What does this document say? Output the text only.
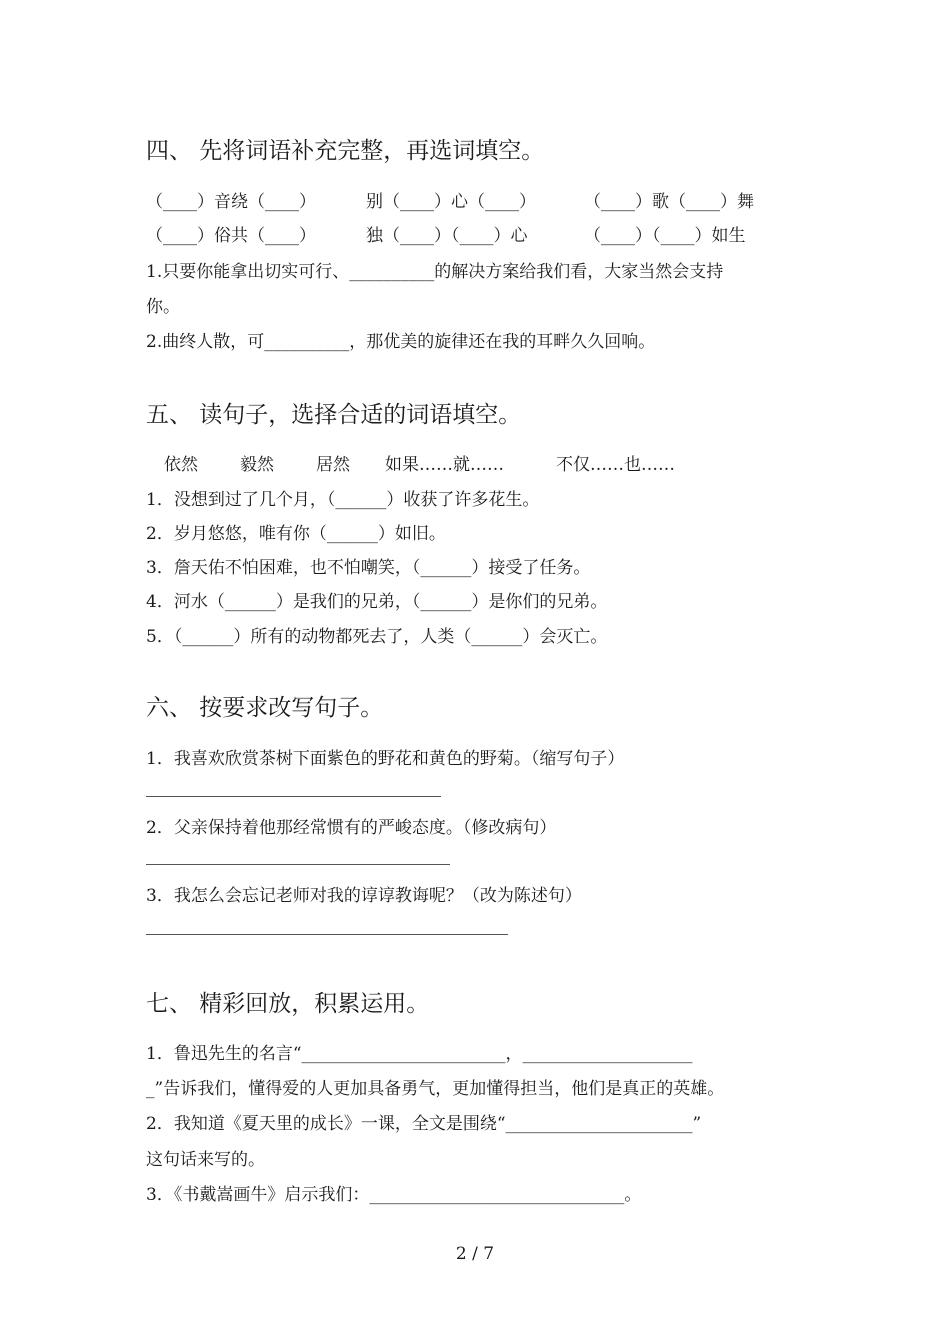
四、 先将词语补充完整，再选词填空。
（____）音绕（____）	别（____）心（____）	（____）歌（____）舞
（____）俗共（____）	独（____）（____）心	（____）（____）如生
1.只要你能拿出切实可行、__________的解决方案给我们看，大家当然会支持
你。
2.曲终人散，可__________，那优美的旋律还在我的耳畔久久回响。
五、 读句子，选择合适的词语填空。
依然 毅然 居然 如果……就……	不仅……也……
1．没想到过了几个月，（______）收获了许多花生。
2．岁月悠悠，唯有你（______）如旧。
3．詹天佑不怕困难，也不怕嘲笑，（______）接受了任务。
4．河水（______）是我们的兄弟，（______）是你们的兄弟。
5．（______）所有的动物都死去了，人类（______）会灭亡。
六、 按要求改写句子。
1．我喜欢欣赏茶树下面紫色的野花和黄色的野菊。（缩写句子）
2．父亲保持着他那经常惯有的严峻态度。（修改病句）
3．我怎么会忘记老师对我的谆谆教诲呢？（改为陈述句）
七、 精彩回放，积累运用。
1．鲁迅先生的名言“________________________，____________________
_”告诉我们，懂得爱的人更加具备勇气，更加懂得担当，他们是真正的英雄。
2．我知道《夏天里的成长》一课，全文是围绕“______________________”
这句话来写的。
3．《书戴嵩画牛》启示我们：______________________________。
2 / 7
